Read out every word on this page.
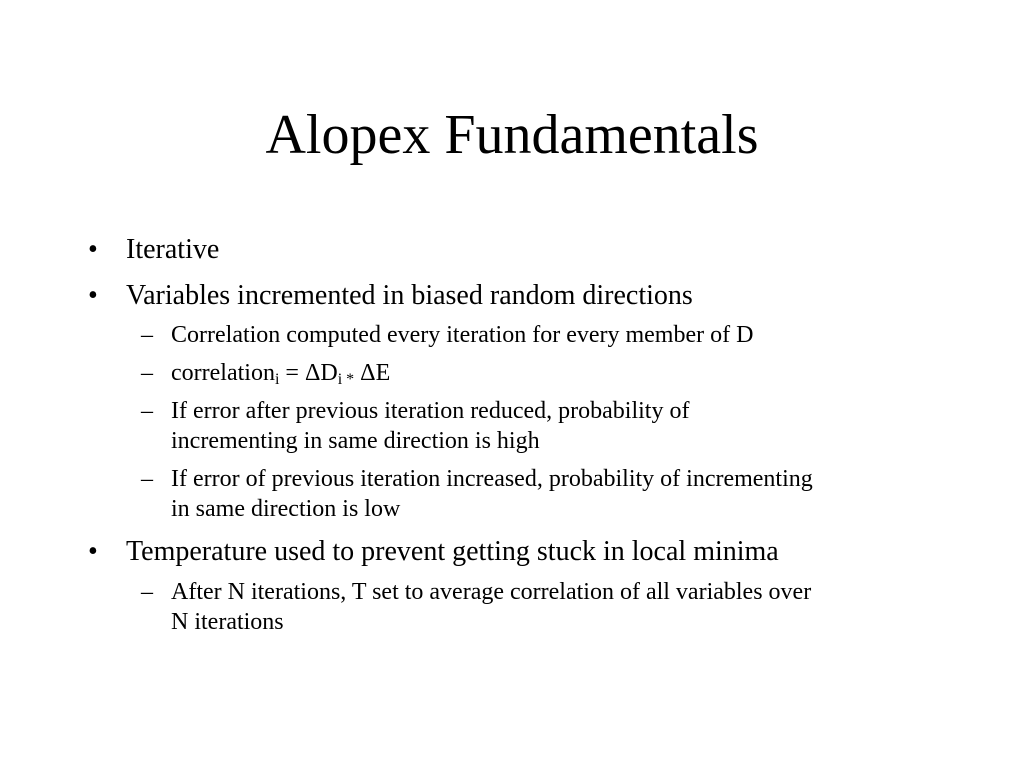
Alopex Fundamentals
• Iterative
• Variables incremented in biased random directions
– Correlation computed every iteration for every member of D
– correlation$_i$ = $\Delta D_i$ * ΔE
– If error after previous iteration reduced, probability of
incrementing in same direction is high
– If error of previous iteration increased, probability of incrementing
in same direction is low
• Temperature used to prevent getting stuck in local minima
– After N iterations, T set to average correlation of all variables over
N iterations
